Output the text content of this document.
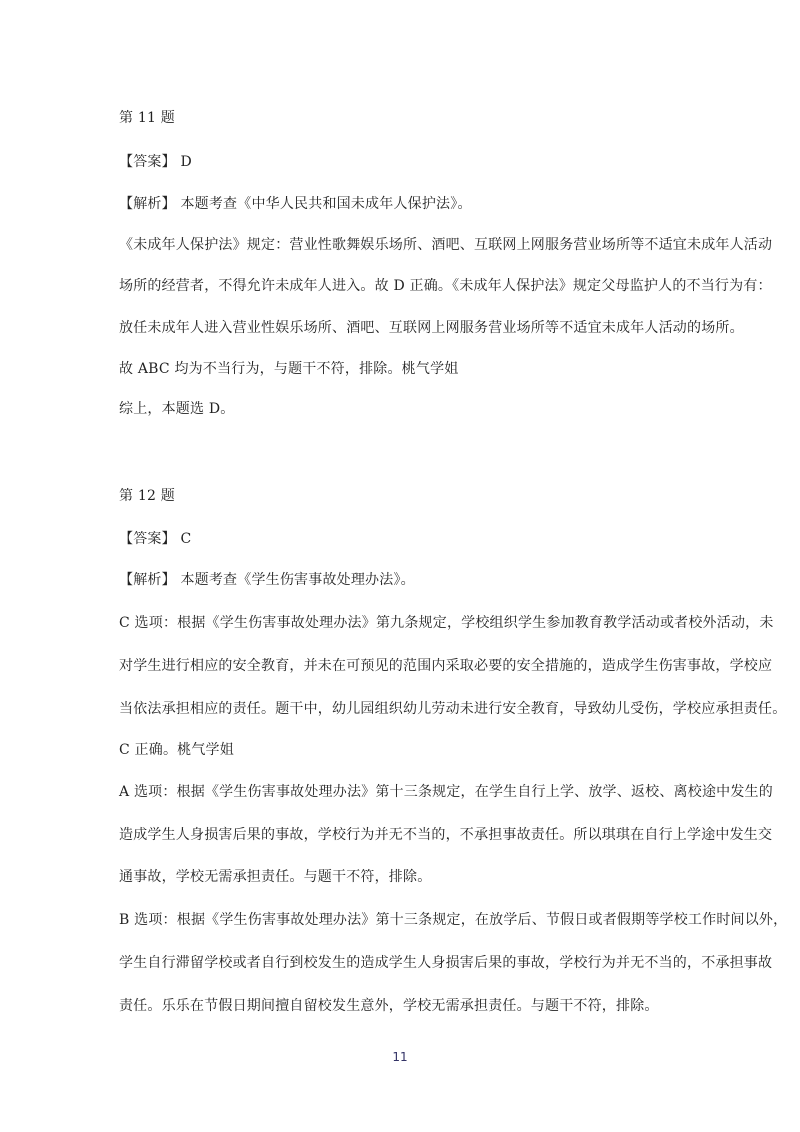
第 11 题
【答案】 D
【解析】 本题考查《中华人民共和国未成年人保护法》。
《未成年人保护法》规定：营业性歌舞娱乐场所、酒吧、互联网上网服务营业场所等不适宜未成年人活动
场所的经营者，不得允许未成年人进入。故 D 正确。《未成年人保护法》规定父母监护人的不当行为有：
放任未成年人进入营业性娱乐场所、酒吧、互联网上网服务营业场所等不适宜未成年人活动的场所。
故 ABC 均为不当行为，与题干不符，排除。桃气学姐
综上，本题选 D。
第 12 题
【答案】 C
【解析】 本题考查《学生伤害事故处理办法》。
C 选项：根据《学生伤害事故处理办法》第九条规定，学校组织学生参加教育教学活动或者校外活动，未
对学生进行相应的安全教育，并未在可预见的范围内采取必要的安全措施的，造成学生伤害事故，学校应
当依法承担相应的责任。题干中，幼儿园组织幼儿劳动未进行安全教育，导致幼儿受伤，学校应承担责任。
C 正确。桃气学姐
A 选项：根据《学生伤害事故处理办法》第十三条规定，在学生自行上学、放学、返校、离校途中发生的
造成学生人身损害后果的事故，学校行为并无不当的，不承担事故责任。所以琪琪在自行上学途中发生交
通事故，学校无需承担责任。与题干不符，排除。
B 选项：根据《学生伤害事故处理办法》第十三条规定，在放学后、节假日或者假期等学校工作时间以外，
学生自行滞留学校或者自行到校发生的造成学生人身损害后果的事故，学校行为并无不当的，不承担事故
责任。乐乐在节假日期间擅自留校发生意外，学校无需承担责任。与题干不符，排除。
11
